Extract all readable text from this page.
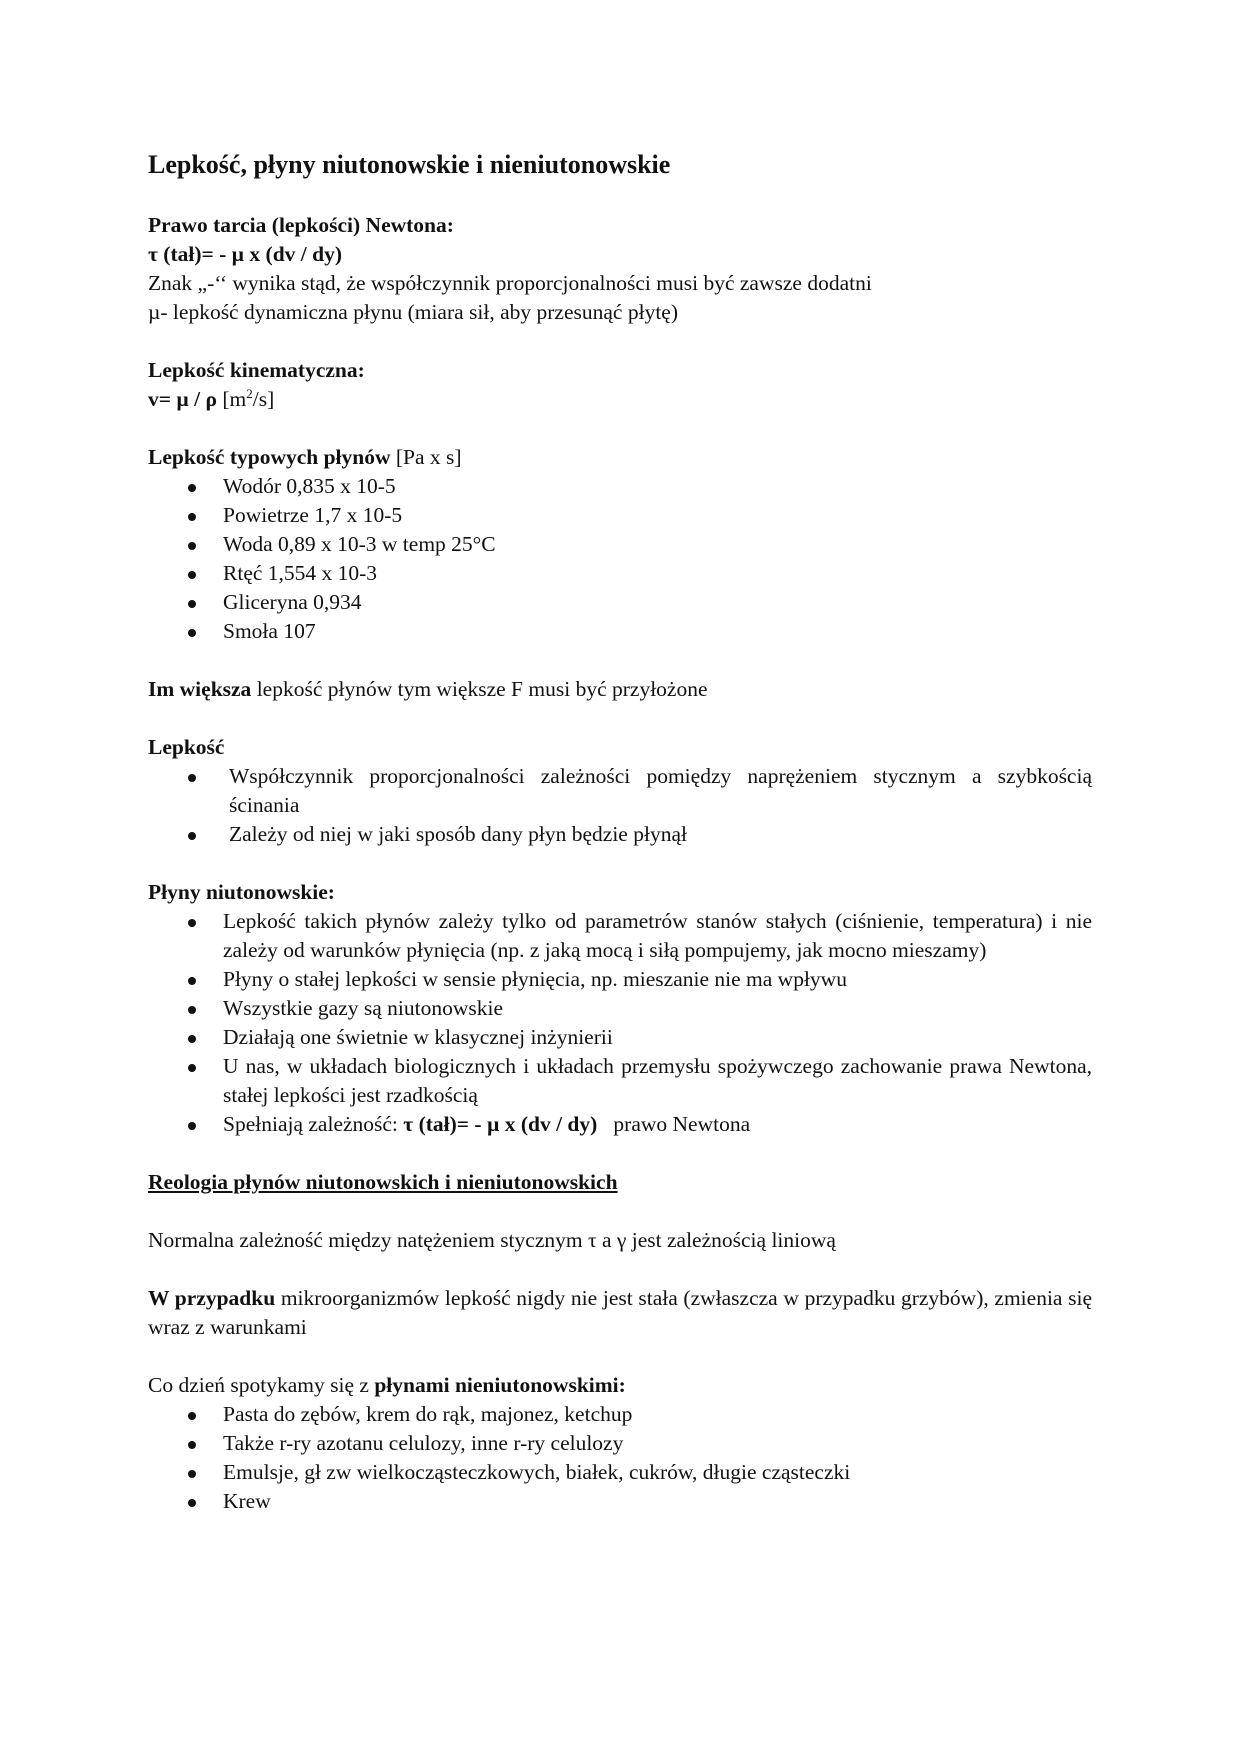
Lepkość, płyny niutonowskie i nieniutonowskie

Prawo tarcia (lepkości) Newtona:

τ (tał)= - µ x (dv / dy)

Znak „-‘‘ wynika stąd, że współczynnik proporcjonalności musi być zawsze dodatni

µ- lepkość dynamiczna płynu (miara sił, aby przesunąć płytę)

Lepkość kinematyczna:

v= µ / ρ $[m^2/s]$

Lepkość typowych płynów [Pa x s]

Wodór 0,835 x 10-5
Powietrze 1,7 x 10-5
Woda 0,89 x 10-3 w temp 25°C
Rtęć 1,554 x 10-3
Gliceryna 0,934
Smoła 107

Im większa lepkość płynów tym większe F musi być przyłożone

Lepkość

Współczynnik proporcjonalności zależności pomiędzy naprężeniem stycznym a szybkością ścinania
Zależy od niej w jaki sposób dany płyn będzie płynął

Płyny niutonowskie:

Lepkość takich płynów zależy tylko od parametrów stanów stałych (ciśnienie, temperatura) i nie zależy od warunków płynięcia (np. z jaką mocą i siłą pompujemy, jak mocno mieszamy)
Płyny o stałej lepkości w sensie płynięcia, np. mieszanie nie ma wpływu
Wszystkie gazy są niutonowskie
Działają one świetnie w klasycznej inżynierii
U nas, w układach biologicznych i układach przemysłu spożywczego zachowanie prawa Newtona, stałej lepkości jest rzadkością
Spełniają zależność: τ (tał)= - µ x (dv / dy) prawo Newtona

Reologia płynów niutonowskich i nieniutonowskich

Normalna zależność między natężeniem stycznym τ a γ jest zależnością liniową

W przypadku mikroorganizmów lepkość nigdy nie jest stała (zwłaszcza w przypadku grzybów), zmienia się wraz z warunkami

Co dzień spotykamy się z płynami nieniutonowskimi:

Pasta do zębów, krem do rąk, majonez, ketchup
Także r-ry azotanu celulozy, inne r-ry celulozy
Emulsje, gł zw wielkocząsteczkowych, białek, cukrów, długie cząsteczki
Krew
